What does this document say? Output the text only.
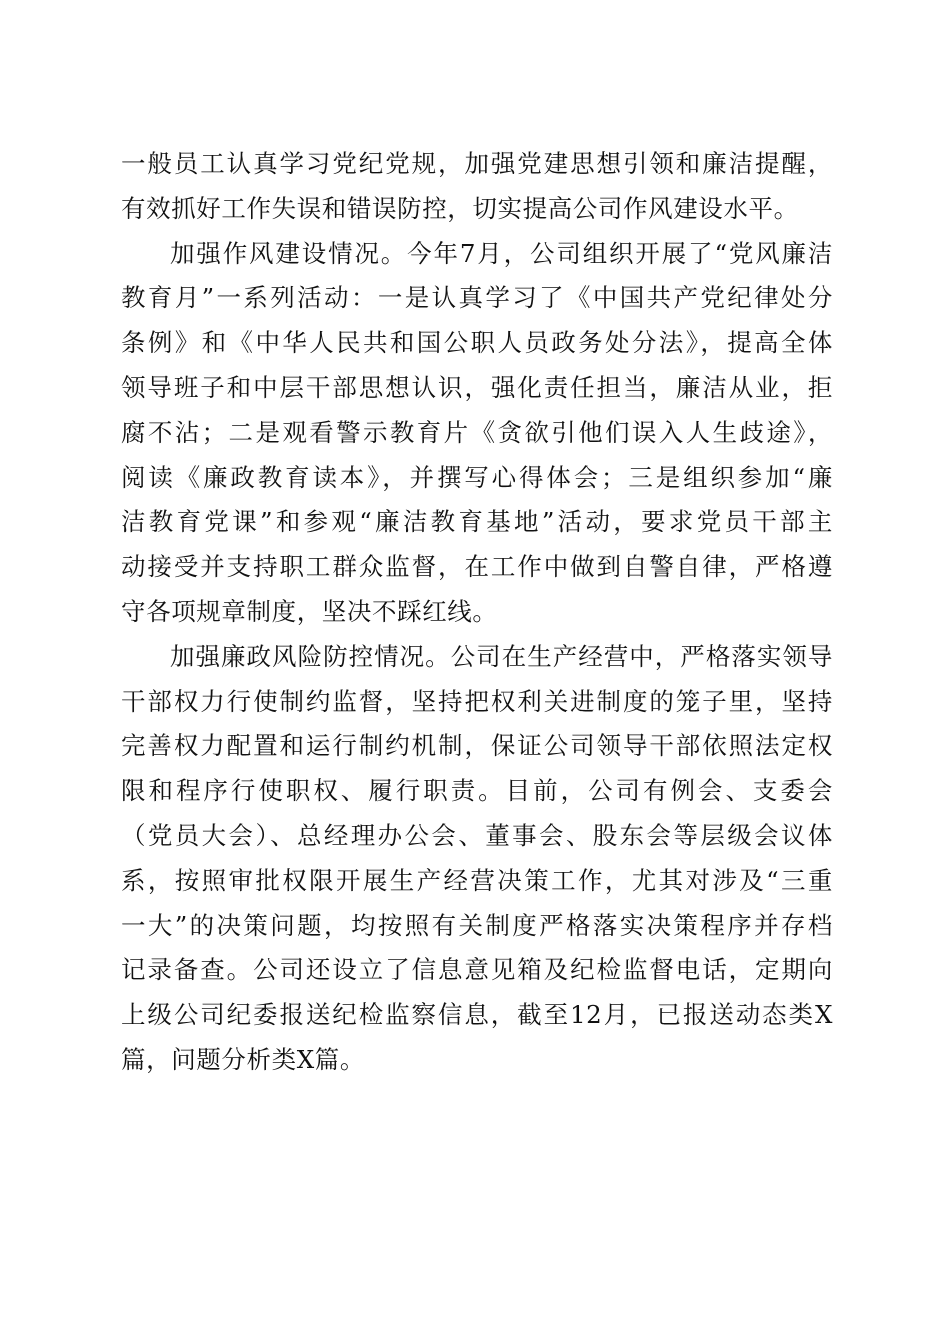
一般员工认真学习党纪党规，加强党建思想引领和廉洁提醒，
有效抓好工作失误和错误防控，切实提高公司作风建设水平。

加强作风建设情况。今年7月，公司组织开展了“党风廉洁
教育月”一系列活动：一是认真学习了《中国共产党纪律处分
条例》和《中华人民共和国公职人员政务处分法》，提高全体
领导班子和中层干部思想认识，强化责任担当，廉洁从业，拒
腐不沾；二是观看警示教育片《贪欲引他们误入人生歧途》，
阅读《廉政教育读本》，并撰写心得体会；三是组织参加“廉
洁教育党课”和参观“廉洁教育基地”活动，要求党员干部主
动接受并支持职工群众监督，在工作中做到自警自律，严格遵
守各项规章制度，坚决不踩红线。

加强廉政风险防控情况。公司在生产经营中，严格落实领导
干部权力行使制约监督，坚持把权利关进制度的笼子里，坚持
完善权力配置和运行制约机制，保证公司领导干部依照法定权
限和程序行使职权、履行职责。目前，公司有例会、支委会
（党员大会）、总经理办公会、董事会、股东会等层级会议体
系，按照审批权限开展生产经营决策工作，尤其对涉及“三重
一大”的决策问题，均按照有关制度严格落实决策程序并存档
记录备查。公司还设立了信息意见箱及纪检监督电话，定期向
上级公司纪委报送纪检监察信息，截至12月，已报送动态类X
篇，问题分析类X篇。
